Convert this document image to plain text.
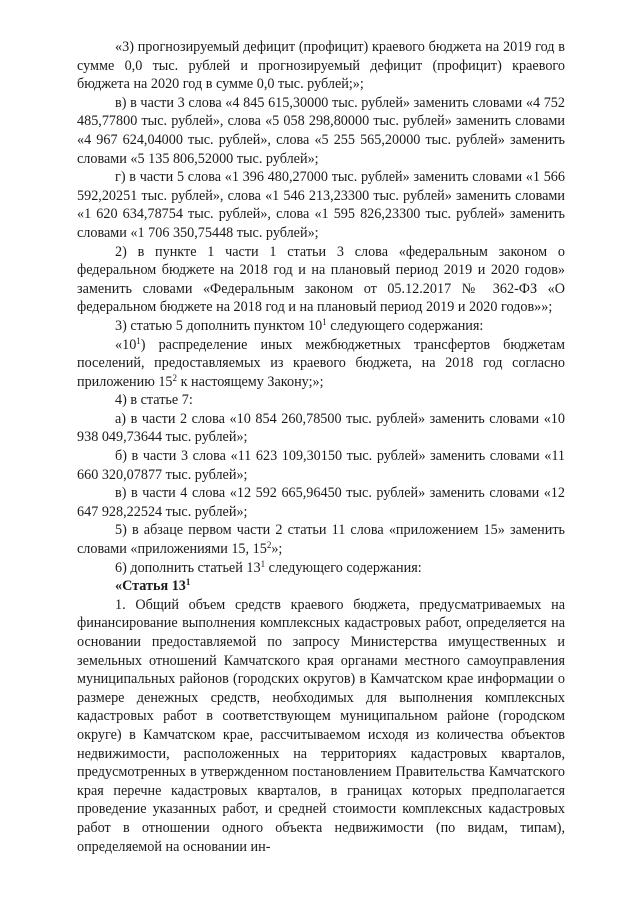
«3) прогнозируемый дефицит (профицит) краевого бюджета на 2019 год в сумме 0,0 тыс. рублей и прогнозируемый дефицит (профицит) краевого бюджета на 2020 год в сумме 0,0 тыс. рублей;»;

в) в части 3 слова «4 845 615,30000 тыс. рублей» заменить словами «4 752 485,77800 тыс. рублей», слова «5 058 298,80000 тыс. рублей» заменить словами «4 967 624,04000 тыс. рублей», слова «5 255 565,20000 тыс. рублей» заменить словами «5 135 806,52000 тыс. рублей»;

г) в части 5 слова «1 396 480,27000 тыс. рублей» заменить словами «1 566 592,20251 тыс. рублей», слова «1 546 213,23300 тыс. рублей» заменить словами «1 620 634,78754 тыс. рублей», слова «1 595 826,23300 тыс. рублей» заменить словами «1 706 350,75448 тыс. рублей»;

2) в пункте 1 части 1 статьи 3 слова «федеральным законом о федеральном бюджете на 2018 год и на плановый период 2019 и 2020 годов» заменить словами «Федеральным законом от 05.12.2017 № 362-ФЗ «О федеральном бюджете на 2018 год и на плановый период 2019 и 2020 годов»»;

3) статью 5 дополнить пунктом $10^1$ следующего содержания:

«$10^1$) распределение иных межбюджетных трансфертов бюджетам поселений, предоставляемых из краевого бюджета, на 2018 год согласно приложению $15^2$ к настоящему Закону;»;

4) в статье 7:

а) в части 2 слова «10 854 260,78500 тыс. рублей» заменить словами «10 938 049,73644 тыс. рублей»;

б) в части 3 слова «11 623 109,30150 тыс. рублей» заменить словами «11 660 320,07877 тыс. рублей»;

в) в части 4 слова «12 592 665,96450 тыс. рублей» заменить словами «12 647 928,22524 тыс. рублей»;

5) в абзаце первом части 2 статьи 11 слова «приложением 15» заменить словами «приложениями 15, $15^2$»;

6) дополнить статьей $13^1$ следующего содержания:

«Статья $13^1$

1. Общий объем средств краевого бюджета, предусматриваемых на финансирование выполнения комплексных кадастровых работ, определяется на основании предоставляемой по запросу Министерства имущественных и земельных отношений Камчатского края органами местного самоуправления муниципальных районов (городских округов) в Камчатском крае информации о размере денежных средств, необходимых для выполнения комплексных кадастровых работ в соответствующем муниципальном районе (городском округе) в Камчатском крае, рассчитываемом исходя из количества объектов недвижимости, расположенных на территориях кадастровых кварталов, предусмотренных в утвержденном постановлением Правительства Камчатского края перечне кадастровых кварталов, в границах которых предполагается проведение указанных работ, и средней стоимости комплексных кадастровых работ в отношении одного объекта недвижимости (по видам, типам), определяемой на основании ин-
